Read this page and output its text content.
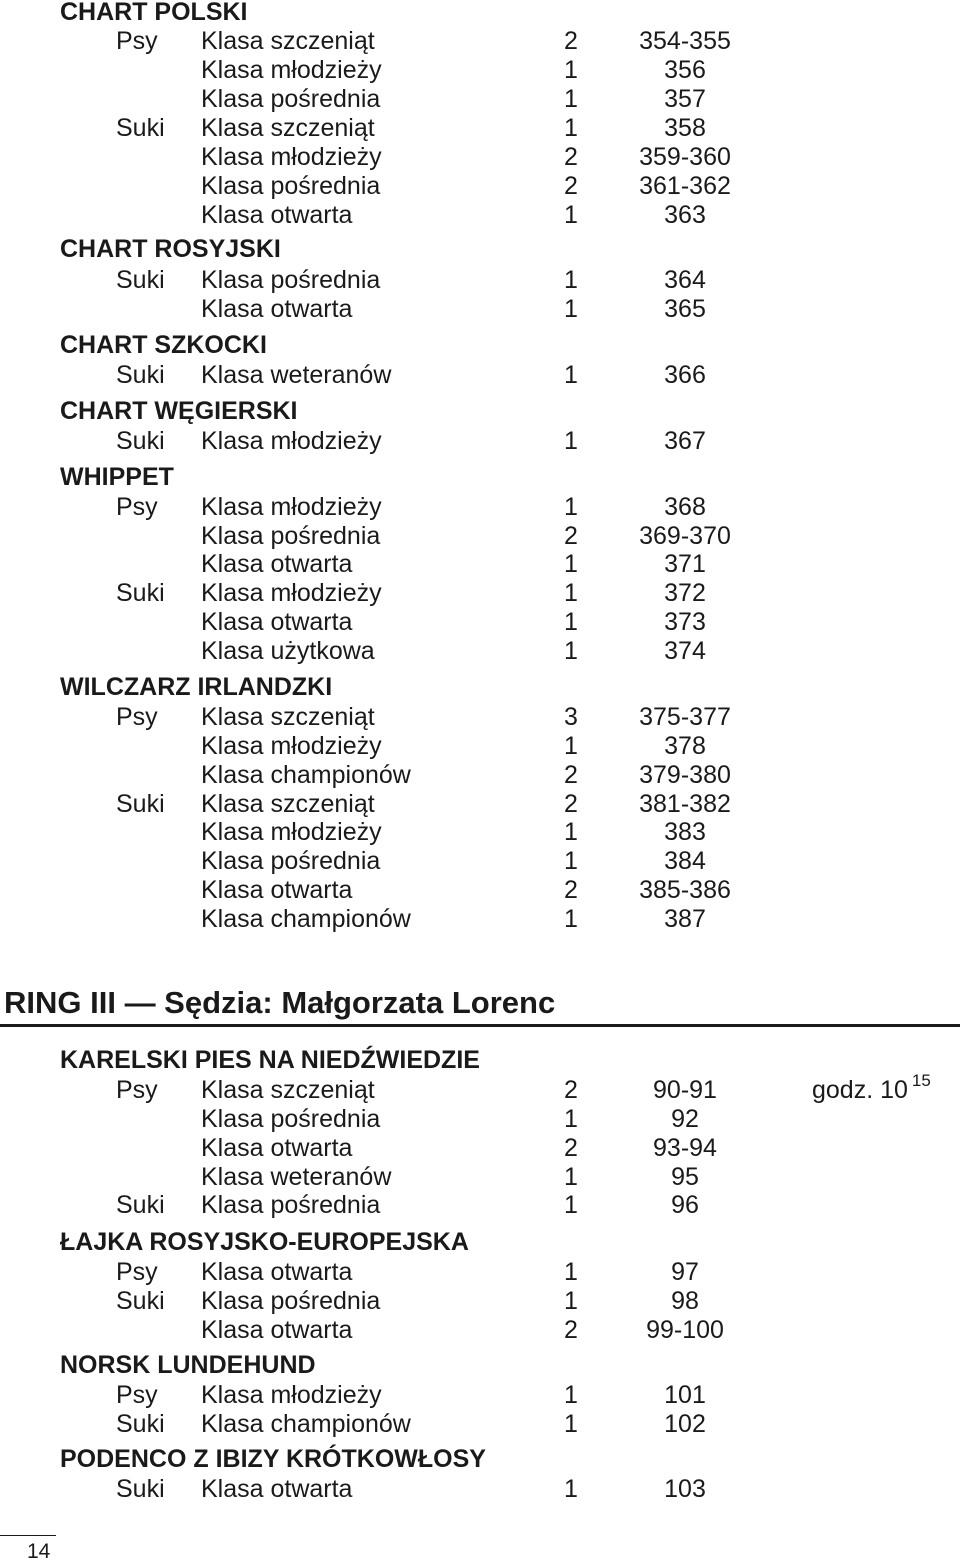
CHART POLSKI
Psy Klasa szczeniąt	2	354-355
Klasa młodzieży	1	356
Klasa pośrednia	1	357
Suki Klasa szczeniąt	1	358
Klasa młodzieży	2	359-360
Klasa pośrednia	2	361-362
Klasa otwarta	1	363
CHART ROSYJSKI
Suki Klasa pośrednia	1	364
Klasa otwarta	1	365
CHART SZKOCKI
Suki Klasa weteranów	1	366
CHART WĘGIERSKI
Suki Klasa młodzieży	1	367
WHIPPET
Psy Klasa młodzieży	1	368
Klasa pośrednia	2	369-370
Klasa otwarta	1	371
Suki Klasa młodzieży	1	372
Klasa otwarta	1	373
Klasa użytkowa	1	374
WILCZARZ IRLANDZKI
Psy Klasa szczeniąt	3	375-377
Klasa młodzieży	1	378
Klasa championów	2	379-380
Suki Klasa szczeniąt	2	381-382
Klasa młodzieży	1	383
Klasa pośrednia	1	384
Klasa otwarta	2	385-386
Klasa championów	1	387
RING III — Sędzia: Małgorzata Lorenc
KARELSKI PIES NA NIEDŹWIEDZIE
Psy Klasa szczeniąt	2	90-91	godz. 10 $^{15}$
Klasa pośrednia	1	92
Klasa otwarta	2	93-94
Klasa weteranów	1	95
Suki Klasa pośrednia	1	96
ŁAJKA ROSYJSKO-EUROPEJSKA
Psy Klasa otwarta	1	97
Suki Klasa pośrednia	1	98
Klasa otwarta	2	99-100
NORSK LUNDEHUND
Psy Klasa młodzieży	1	101
Suki Klasa championów	1	102
PODENCO Z IBIZY KRÓTKOWŁOSY
Suki Klasa otwarta	1	103
14
